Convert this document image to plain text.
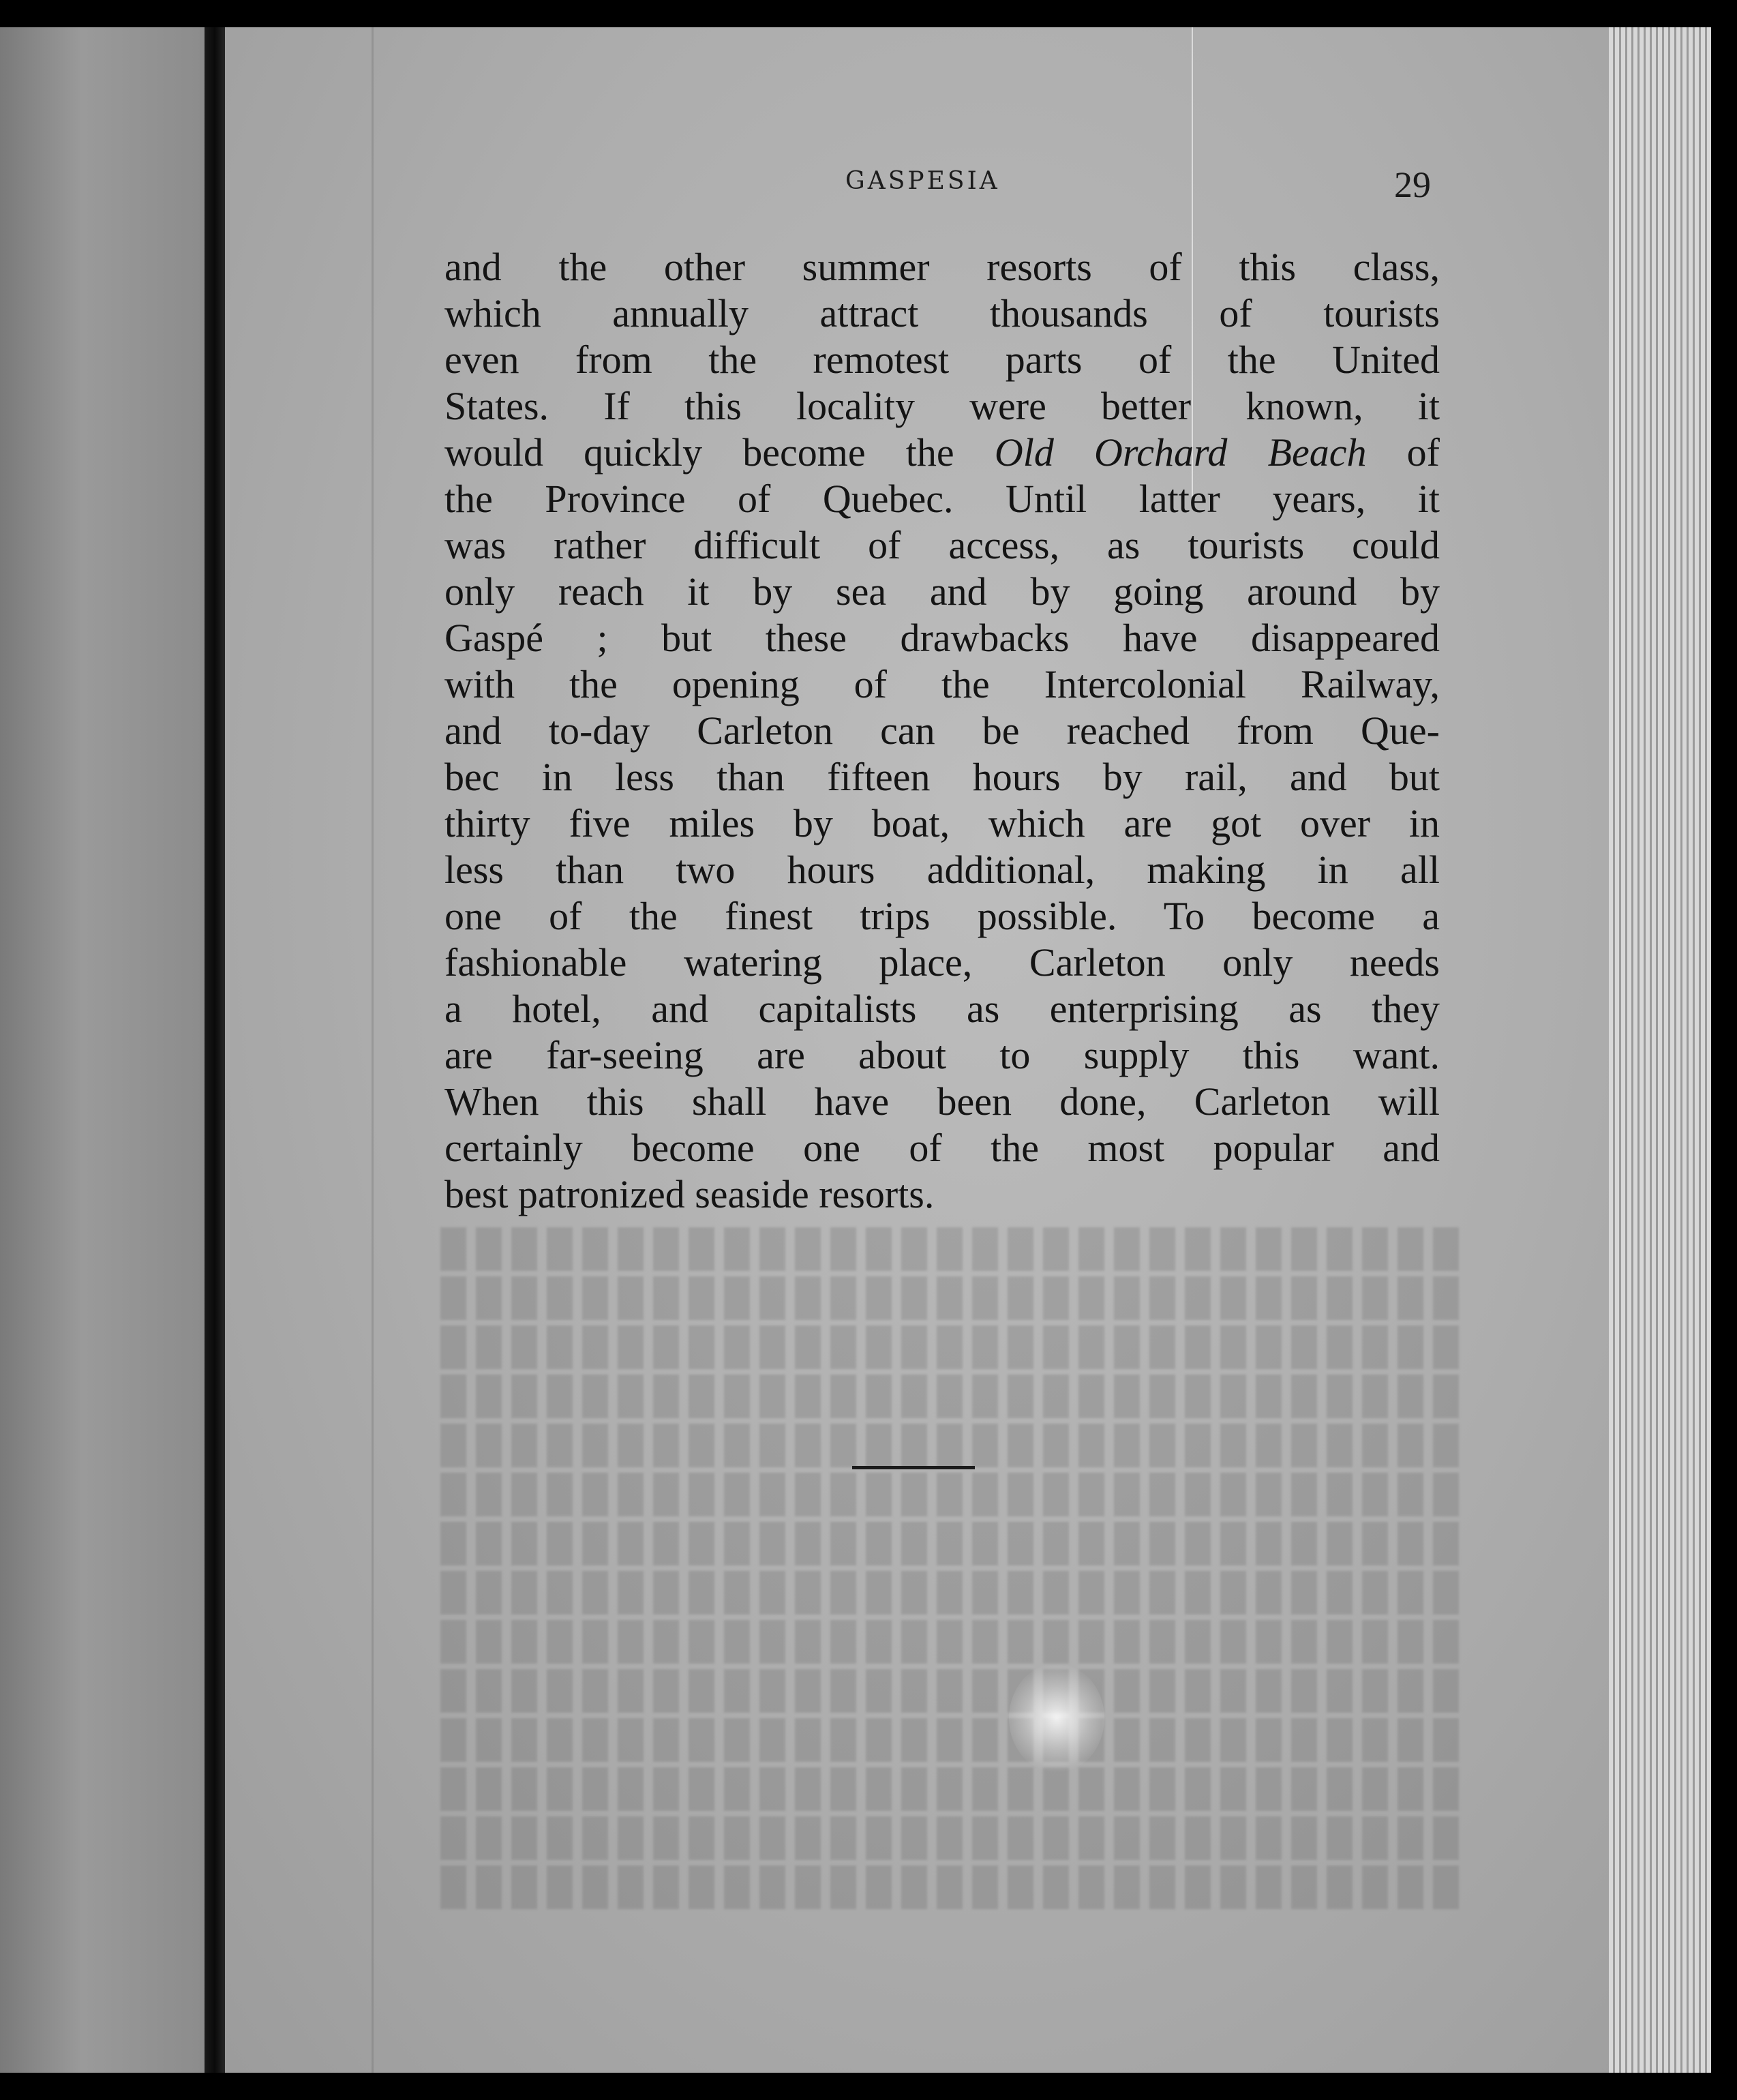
GASPESIA	29
and the other summer resorts of this class,
which annually attract thousands of tourists
even from the remotest parts of the United
States. If this locality were better known, it
would quickly become the Old Orchard Beach of
the Province of Quebec. Until latter years, it
was rather difficult of access, as tourists could
only reach it by sea and by going around by
Gaspé ; but these drawbacks have disappeared
with the opening of the Intercolonial Railway,
and to-day Carleton can be reached from Que-
bec in less than fifteen hours by rail, and but
thirty five miles by boat, which are got over in
less than two hours additional, making in all
one of the finest trips possible. To become a
fashionable watering place, Carleton only needs
a hotel, and capitalists as enterprising as they
are far-seeing are about to supply this want.
When this shall have been done, Carleton will
certainly become one of the most popular and
best patronized seaside resorts.
